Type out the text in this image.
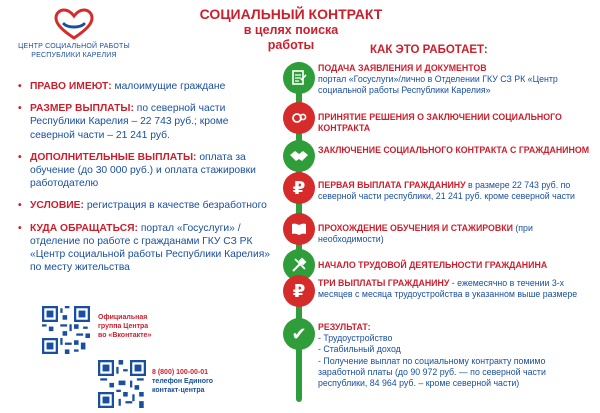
ЦЕНТР СОЦИАЛЬНОЙ РАБОТЫ
РЕСПУБЛИКИ КАРЕЛИЯ
СОЦИАЛЬНЫЙ КОНТРАКТ
в целях поиска
работы	КАК ЭТО РАБОТАЕТ:
• ПРАВО ИМЕЮТ: малоимущие граждане
• РАЗМЕР ВЫПЛАТЫ: по северной части Республики Карелия – 22 743 руб.; кроме северной части – 21 241 руб.
• ДОПОЛНИТЕЛЬНЫЕ ВЫПЛАТЫ: оплата за обучение (до 30 000 руб.) и оплата стажировки работодателю
• УСЛОВИЕ: регистрация в качестве безработного
• КУДА ОБРАЩАТЬСЯ: портал «Госуслуги» / отделение по работе с гражданами ГКУ СЗ РК «Центр социальной работы Республики Карелия» по месту жительства
Официальная
группа Центра
во «Вконтакте»
8 (800) 100-00-01
телефон Единого
контакт-центра
ПОДАЧА ЗАЯВЛЕНИЯ И ДОКУМЕНТОВ
портал «Госуслуги»/лично в Отделении ГКУ СЗ РК «Центр социальной работы Республики Карелия»
ПРИНЯТИЕ РЕШЕНИЯ О ЗАКЛЮЧЕНИИ СОЦИАЛЬНОГО КОНТРАКТА
ЗАКЛЮЧЕНИЕ СОЦИАЛЬНОГО КОНТРАКТА С ГРАЖДАНИНОМ
₽ ПЕРВАЯ ВЫПЛАТА ГРАЖДАНИНУ в размере 22 743 руб. по северной части республики, 21 241 руб. кроме северной части
ПРОХОЖДЕНИЕ ОБУЧЕНИЯ И СТАЖИРОВКИ (при необходимости)
НАЧАЛО ТРУДОВОЙ ДЕЯТЕЛЬНОСТИ ГРАЖДАНИНА
₽ ТРИ ВЫПЛАТЫ ГРАЖДАНИНУ - ежемесячно в течении 3-х месяцев с месяца трудоустройства в указанном выше размере
✔ РЕЗУЛЬТАТ:
- Трудоустройство
- Стабильный доход
- Получение выплат по социальному контракту помимо заработной платы (до 90 972 руб. — по северной части республики, 84 964 руб. – кроме северной части)
